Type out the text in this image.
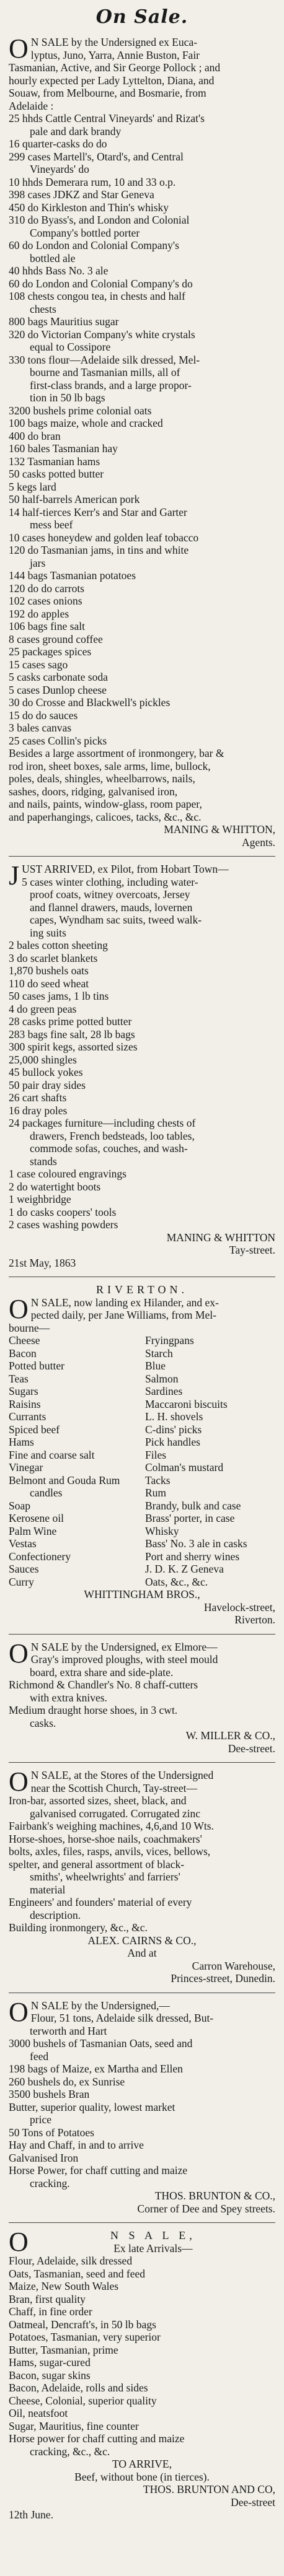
On Sale.
O N SALE by the Undersigned ex Euca-
lyptus, Juno, Yarra, Annie Buston, Fair
Tasmanian, Active, and Sir George Pollock ; and
hourly expected per Lady Lyttelton, Diana, and
Souaw, from Melbourne, and Bosmarie, from
Adelaide :
25 hhds Cattle Central Vineyards' and Rizat's
pale and dark brandy
16 quarter-casks do do
299 cases Martell's, Otard's, and Central
Vineyards' do
10 hhds Demerara rum, 10 and 33 o.p.
398 cases JDKZ and Star Geneva
450 do Kirkleston and Thin's whisky
310 do Byass's, and London and Colonial
Company's bottled porter
60 do London and Colonial Company's
bottled ale
40 hhds Bass No. 3 ale
60 do London and Colonial Company's do
108 chests congou tea, in chests and half
chests
800 bags Mauritius sugar
320 do Victorian Company's white crystals
equal to Cossipore
330 tons flour—Adelaide silk dressed, Mel-
bourne and Tasmanian mills, all of
first-class brands, and a large propor-
tion in 50 lb bags
3200 bushels prime colonial oats
100 bags maize, whole and cracked
400 do bran
160 bales Tasmanian hay
132 Tasmanian hams
50 casks potted butter
5 kegs lard
50 half-barrels American pork
14 half-tierces Kerr's and Star and Garter
mess beef
10 cases honeydew and golden leaf tobacco
120 do Tasmanian jams, in tins and white
jars
144 bags Tasmanian potatoes
120 do do carrots
102 cases onions
192 do apples
106 bags fine salt
8 cases ground coffee
25 packages spices
15 cases sago
5 casks carbonate soda
5 cases Dunlop cheese
30 do Crosse and Blackwell's pickles
15 do do sauces
3 bales canvas
25 cases Collin's picks
Besides a large assortment of ironmongery, bar &
rod iron, sheet boxes, sale arms, lime, bullock,
poles, deals, shingles, wheelbarrows, nails,
sashes, doors, ridging, galvanised iron,
and nails, paints, window-glass, room paper,
and paperhangings, calicoes, tacks, &c., &c.
MANING & WHITTON,
Agents.
J UST ARRIVED, ex Pilot, from Hobart Town—
5 cases winter clothing, including water-
proof coats, witney overcoats, Jersey
and flannel drawers, mauds, lovernen
capes, Wyndham sac suits, tweed walk-
ing suits
2 bales cotton sheeting
3 do scarlet blankets
1,870 bushels oats
110 do seed wheat
50 cases jams, 1 lb tins
4 do green peas
28 casks prime potted butter
283 bags fine salt, 28 lb bags
300 spirit kegs, assorted sizes
25,000 shingles
45 bullock yokes
50 pair dray sides
26 cart shafts
16 dray poles
24 packages furniture—including chests of
drawers, French bedsteads, loo tables,
commode sofas, couches, and wash-
stands
1 case coloured engravings
2 do watertight boots
1 weighbridge
1 do casks coopers' tools
2 cases washing powders
MANING & WHITTON
Tay-street.
21st May, 1863
RIVERTON.
O N SALE, now landing ex Hilander, and ex-
pected daily, per Jane Williams, from Mel-
bourne—
Cheese
Bacon
Potted butter
Teas
Sugars
Raisins
Currants
Spiced beef
Hams
Fine and coarse salt
Vinegar
Belmont and Gouda Rum
candles
Soap
Kerosene oil
Palm Wine
Vestas
Confectionery
Sauces
Curry
Fryingpans
Starch
Blue
Salmon
Sardines
Maccaroni biscuits
L. H. shovels
C-dins' picks
Pick handles
Files
Colman's mustard
Tacks
Rum
Brandy, bulk and case
Brass' porter, in case
Whisky
Bass' No. 3 ale in casks
Port and sherry wines
J. D. K. Z Geneva
Oats, &c., &c.
WHITTINGHAM BROS.,
Havelock-street,
Riverton.
O N SALE by the Undersigned, ex Elmore—
Gray's improved ploughs, with steel mould
board, extra share and side-plate.
Richmond & Chandler's No. 8 chaff-cutters
with extra knives.
Medium draught horse shoes, in 3 cwt.
casks.
W. MILLER & CO.,
Dee-street.
O N SALE, at the Stores of the Undersigned
near the Scottish Church, Tay-street—
Iron-bar, assorted sizes, sheet, black, and
galvanised corrugated. Corrugated zinc
Fairbank's weighing machines, 4,6,and 10 Wts.
Horse-shoes, horse-shoe nails, coachmakers'
bolts, axles, files, rasps, anvils, vices, bellows,
spelter, and general assortment of black-
smiths', wheelwrights' and farriers'
material
Engineers' and founders' material of every
description.
Building ironmongery, &c., &c.
ALEX. CAIRNS & CO.,
And at
Carron Warehouse,
Princes-street, Dunedin.
O N SALE by the Undersigned,—
Flour, 51 tons, Adelaide silk dressed, But-
terworth and Hart
3000 bushels of Tasmanian Oats, seed and
feed
198 bags of Maize, ex Martha and Ellen
260 bushels do, ex Sunrise
3500 bushels Bran
Butter, superior quality, lowest market
price
50 Tons of Potatoes
Hay and Chaff, in and to arrive
Galvanised Iron
Horse Power, for chaff cutting and maize
cracking.
THOS. BRUNTON & CO.,
Corner of Dee and Spey streets.
O	N S A L E,
Ex late Arrivals—
Flour, Adelaide, silk dressed
Oats, Tasmanian, seed and feed
Maize, New South Wales
Bran, first quality
Chaff, in fine order
Oatmeal, Dencraft's, in 50 lb bags
Potatoes, Tasmanian, very superior
Butter, Tasmanian, prime
Hams, sugar-cured
Bacon, sugar skins
Bacon, Adelaide, rolls and sides
Cheese, Colonial, superior quality
Oil, neatsfoot
Sugar, Mauritius, fine counter
Horse power for chaff cutting and maize
cracking, &c., &c.
TO ARRIVE,
Beef, without bone (in tierces).
THOS. BRUNTON AND CO,
Dee-street
12th June.
